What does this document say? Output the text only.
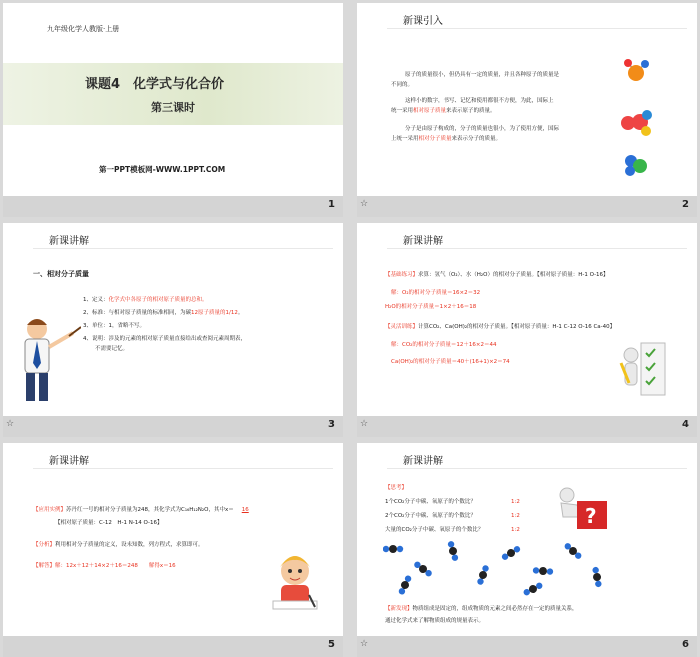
九年级化学人教版·上册
课题4　化学式与化合价
第三课时
第一PPT模板网-WWW.1PPT.COM
1
新课引入
原子的质量很小，但仍具有一定的质量，并且各种原子的质量是
不同的。
这样小的数字，书写、记忆和使用都很不方便，为此，国际上
统一采用相对原子质量来表示原子的质量。
分子是由原子构成的，分子的质量也很小，为了使用方便，国际
上统一采用相对分子质量来表示分子的质量。
☆	2
新课讲解
一、相对分子质量
1、定义：化学式中各原子的相对原子质量的总和。
2、标准：与相对原子质量的标准相同，为碳12原子质量的1/12。
3、单位：1，省略不写。
4、说明：涉及的元素的相对原子质量直接给出或查阅元素周期表，
不需要记忆。
☆	3
新课讲解
【基础练习】求算：氢气（O₂）、水（H₂O）的相对分子质量。【相对原子质量：H-1 O-16】
解：O₂的相对分子质量＝16×2＝32
H₂O的相对分子质量＝1×2＋16＝18
【灵活训练】计算CO₂、Ca(OH)₂的相对分子质量。【相对原子质量：H-1 C-12 O-16 Ca-40】
解：CO₂的相对分子质量＝12＋16×2＝44
Ca(OH)₂的相对分子质量＝40＋(16+1)×2＝74
☆	4
新课讲解
【应用实例】苏丹红一号的相对分子质量为248，其化学式为C₁₆H₁₂N₂O，其中x＝ 16
【相对原子质量：C-12　H-1 N-14 O-16】
【分析】利用相对分子质量的定义，设未知数，列方程式，求算即可。
【解答】解：12x＋12＋14×2＋16＝248　　解得x＝16
5
新课讲解
【思考】
1个CO₂分子中碳、氧原子的个数比？	1:2
2个CO₂分子中碳、氧原子的个数比？	1:2
大量的CO₂分子中碳、氧原子的个数比？	1:2
?
【新发现】物质组成是固定的，组成物质的元素之间必然存在一定的质量关系，
通过化学式来了解物质组成的规量表示。
☆	6
